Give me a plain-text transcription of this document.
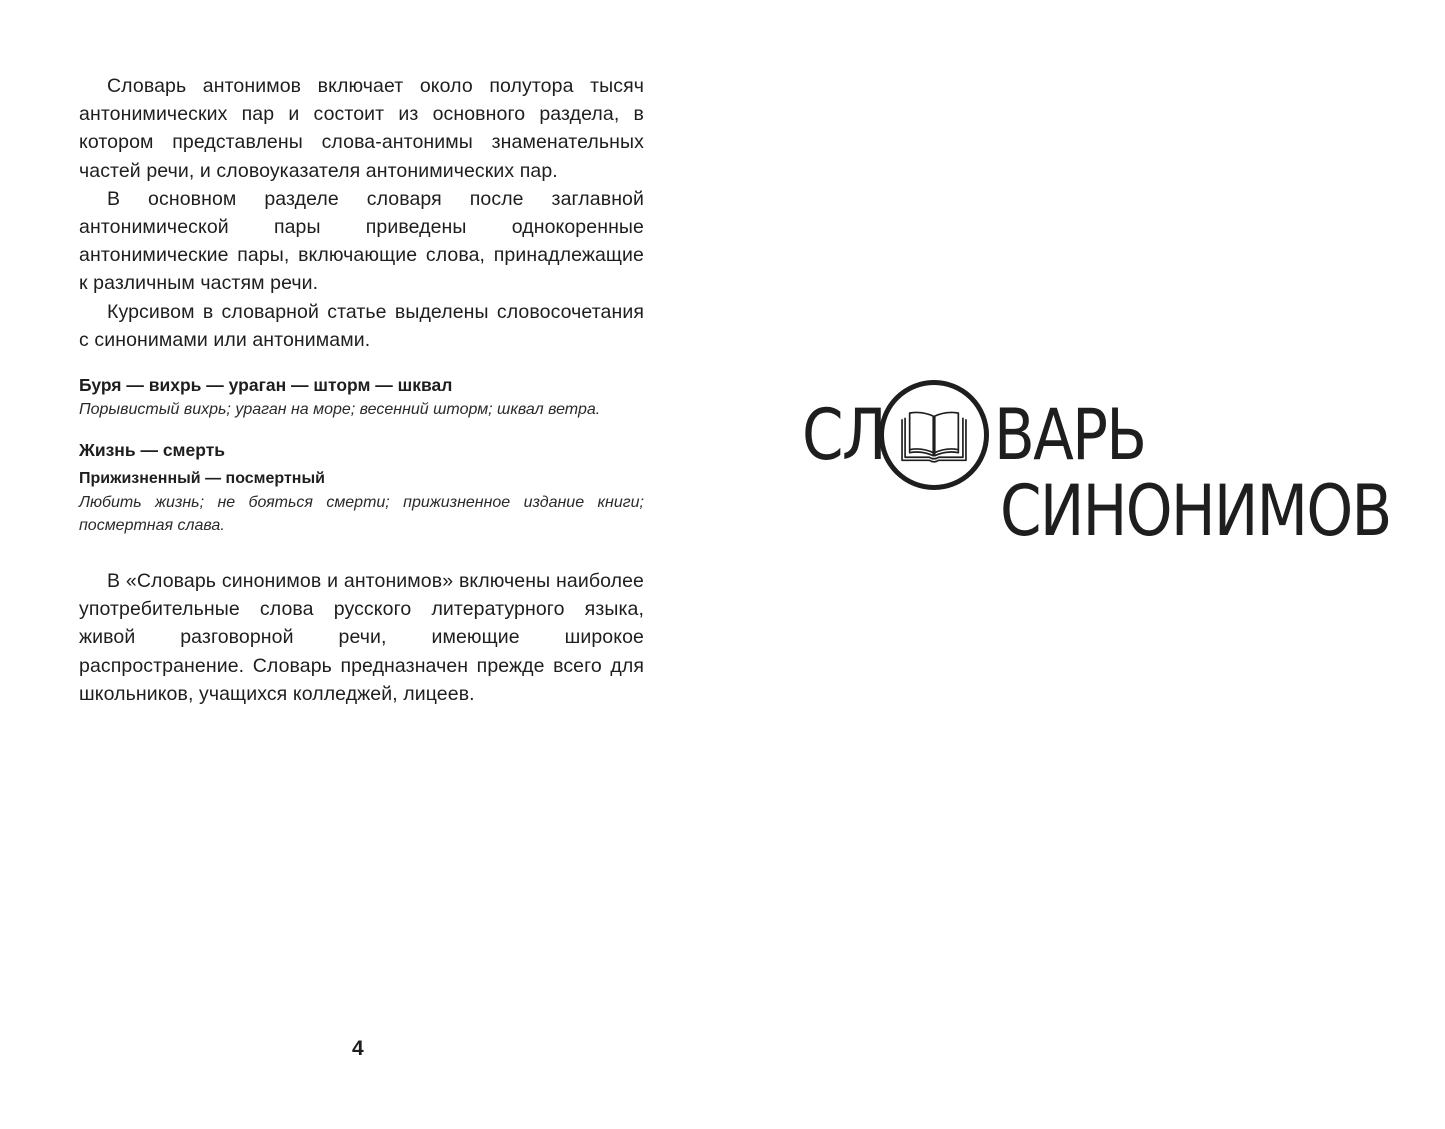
Словарь антонимов включает около полутора тысяч антонимических пар и состоит из основного раздела, в котором представлены слова-антонимы знаменательных частей речи, и словоуказателя антонимических пар.

В основном разделе словаря после заглавной антонимической пары приведены однокоренные антонимические пары, включающие слова, принадлежащие к различным частям речи.

Курсивом в словарной статье выделены словосочетания с синонимами или антонимами.

Буря — вихрь — ураган — шторм — шквал

Порывистый вихрь; ураган на море; весенний шторм; шквал ветра.

Жизнь — смерть

Прижизненный — посмертный

Любить жизнь; не бояться смерти; прижизненное издание книги; посмертная слава.

В «Словарь синонимов и антонимов» включены наиболее употребительные слова русского литературного языка, живой разговорной речи, имеющие широкое распространение. Словарь предназначен прежде всего для школьников, учащихся колледжей, лицеев.

4
СЛ ВАРЬ
СИНОНИМОВ
